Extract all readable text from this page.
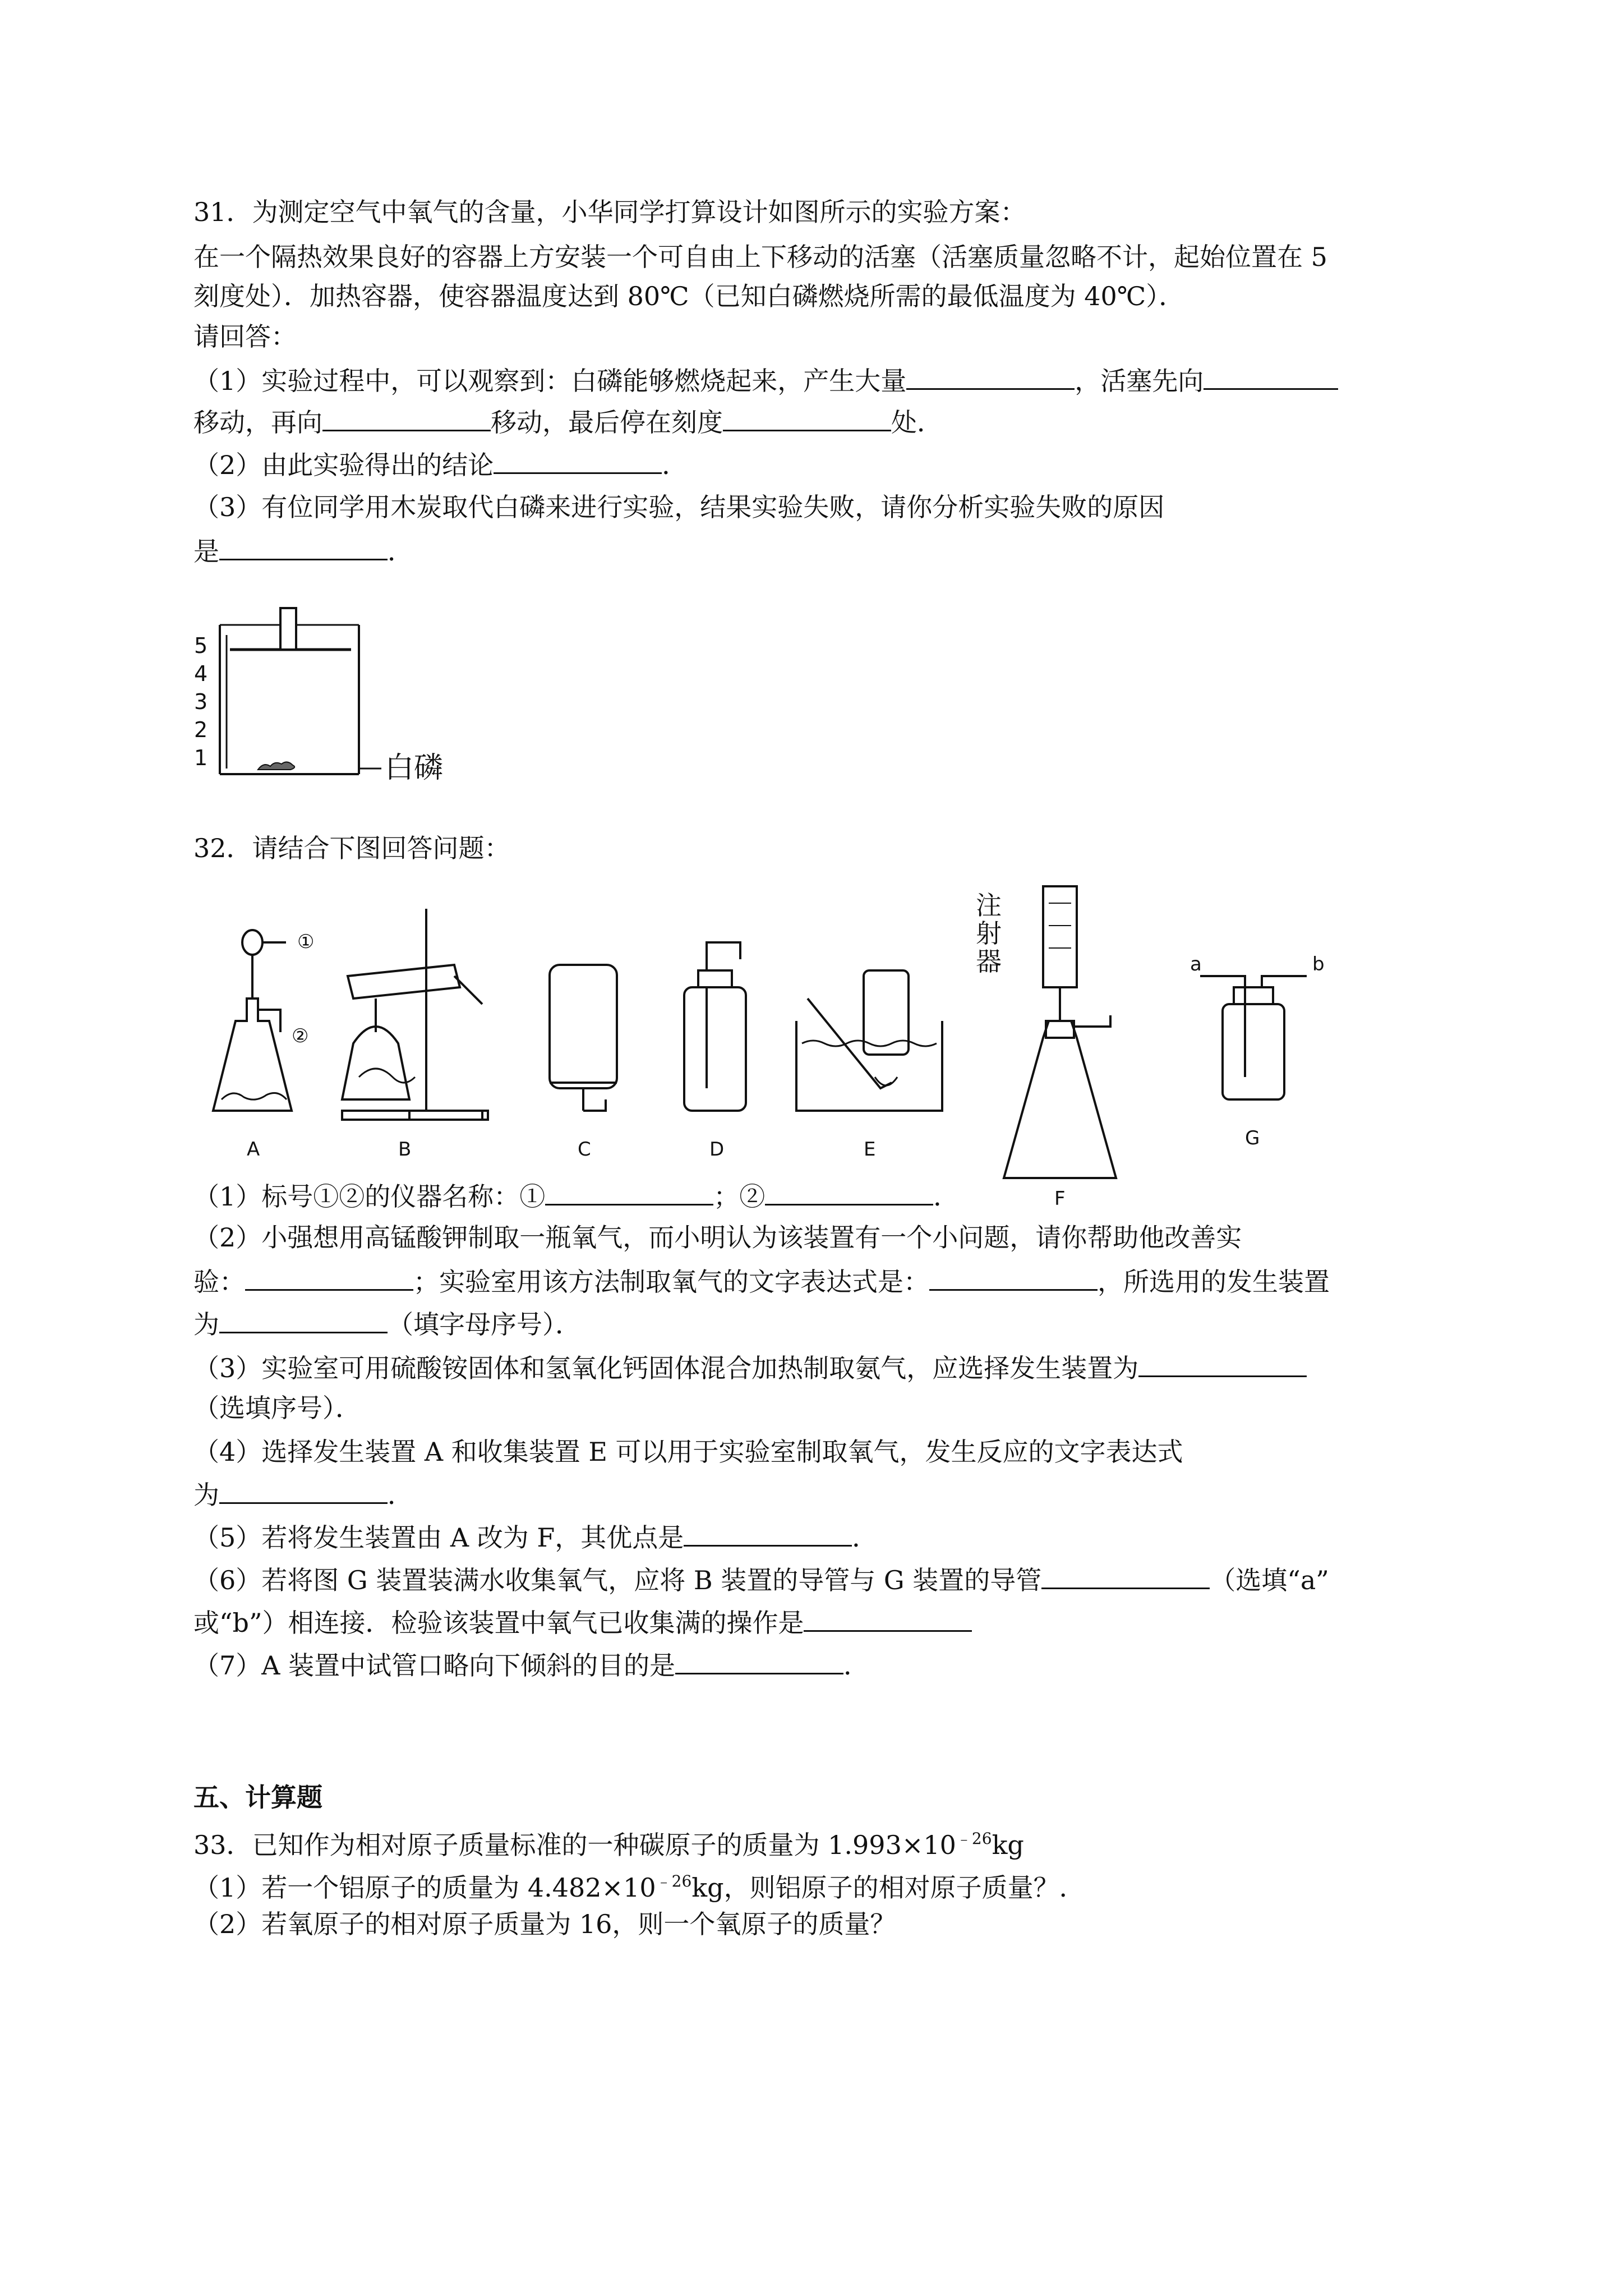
31．为测定空气中氧气的含量，小华同学打算设计如图所示的实验方案：
在一个隔热效果良好的容器上方安装一个可自由上下移动的活塞（活塞质量忽略不计，起始位置在 5
刻度处）．加热容器，使容器温度达到 80℃（已知白磷燃烧所需的最低温度为 40℃）．
请回答：
（1）实验过程中，可以观察到：白磷能够燃烧起来，产生大量	，活塞先向
移动，再向	移动，最后停在刻度	处．
（2）由此实验得出的结论	．
（3）有位同学用木炭取代白磷来进行实验，结果实验失败，请你分析实验失败的原因
是	．
5
4
3
2
1	白磷
32．请结合下图回答问题：
①
②
注
射
器	a	b
A	B	C	D	E
F
G
（1）标号①②的仪器名称：①	；②	．
（2）小强想用高锰酸钾制取一瓶氧气，而小明认为该装置有一个小问题，请你帮助他改善实
验：	；实验室用该方法制取氧气的文字表达式是：	，所选用的发生装置
为	（填字母序号）．
（3）实验室可用硫酸铵固体和氢氧化钙固体混合加热制取氨气，应选择发生装置为
（选填序号）．
（4）选择发生装置 A 和收集装置 E 可以用于实验室制取氧气，发生反应的文字表达式
为	．
（5）若将发生装置由 A 改为 F，其优点是	．
（6）若将图 G 装置装满水收集氧气，应将 B 装置的导管与 G 装置的导管	（选填“a”
或“b”）相连接．检验该装置中氧气已收集满的操作是
（7）A 装置中试管口略向下倾斜的目的是	．
五、计算题
33．已知作为相对原子质量标准的一种碳原子的质量为 $1.993\times 10^{﹣26}kg$
（1）若一个铝原子的质量为 $4.482\times 10^{﹣26}kg$，则铝原子的相对原子质量？．
（2）若氧原子的相对原子质量为 16，则一个氧原子的质量？
